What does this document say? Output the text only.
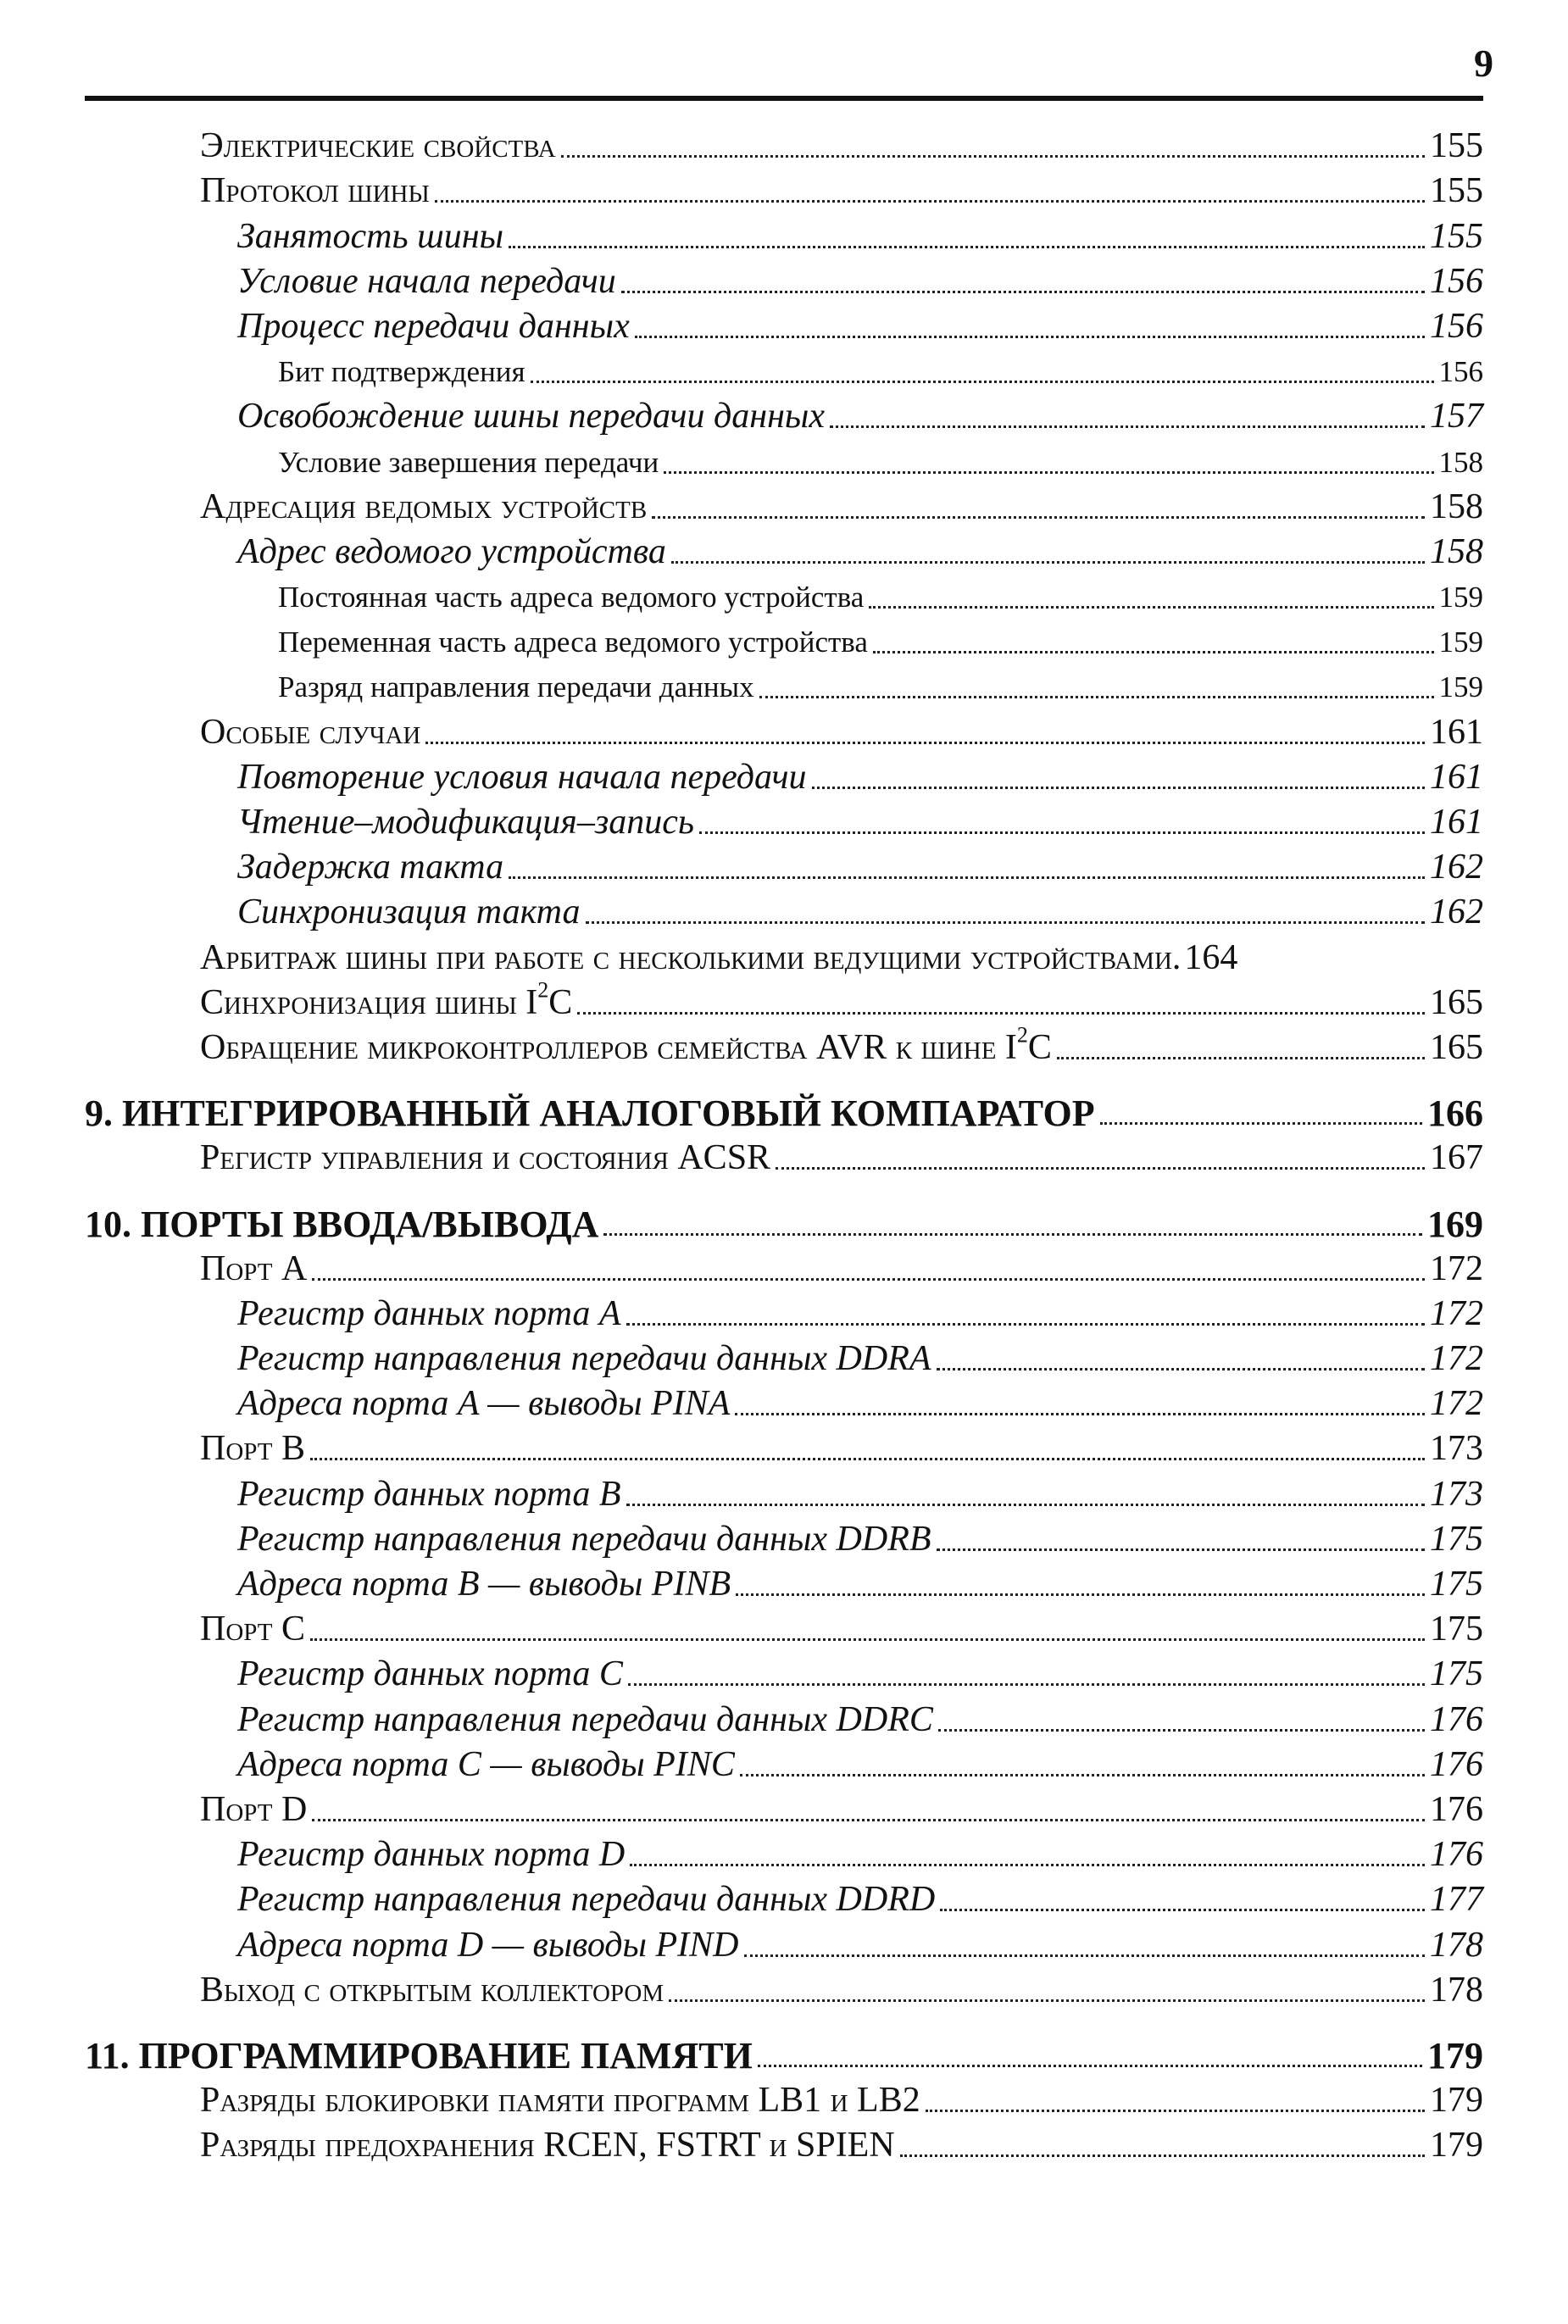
9
Электрические свойства	155
Протокол шины	155
Занятость шины	155
Условие начала передачи	156
Процесс передачи данных	156
Бит подтверждения	156
Освобождение шины передачи данных	157
Условие завершения передачи	158
Адресация ведомых устройств	158
Адрес ведомого устройства	158
Постоянная часть адреса ведомого устройства	159
Переменная часть адреса ведомого устройства	159
Разряд направления передачи данных	159
Особые случаи	161
Повторение условия начала передачи	161
Чтение–модификация–запись	161
Задержка такта	162
Синхронизация такта	162
Арбитраж шины при работе с несколькими ведущими устройствами . 164
Синхронизация шины $I^2C$	165
Обращение микроконтроллеров семейства AVR к шине $I^2C$	165
9. ИНТЕГРИРОВАННЫЙ АНАЛОГОВЫЙ КОМПАРАТОР	166
Регистр управления и состояния ACSR	167
10. ПОРТЫ ВВОДА/ВЫВОДА	169
Порт A	172
Регистр данных порта A	172
Регистр направления передачи данных DDRA	172
Адреса порта A — выводы PINA	172
Порт B	173
Регистр данных порта B	173
Регистр направления передачи данных DDRB	175
Адреса порта B — выводы PINB	175
Порт C	175
Регистр данных порта C	175
Регистр направления передачи данных DDRC	176
Адреса порта C — выводы PINC	176
Порт D	176
Регистр данных порта D	176
Регистр направления передачи данных DDRD	177
Адреса порта D — выводы PIND	178
Выход с открытым коллектором	178
11. ПРОГРАММИРОВАНИЕ ПАМЯТИ	179
Разряды блокировки памяти программ LB1 и LB2	179
Разряды предохранения RCEN, FSTRT и SPIEN	179
